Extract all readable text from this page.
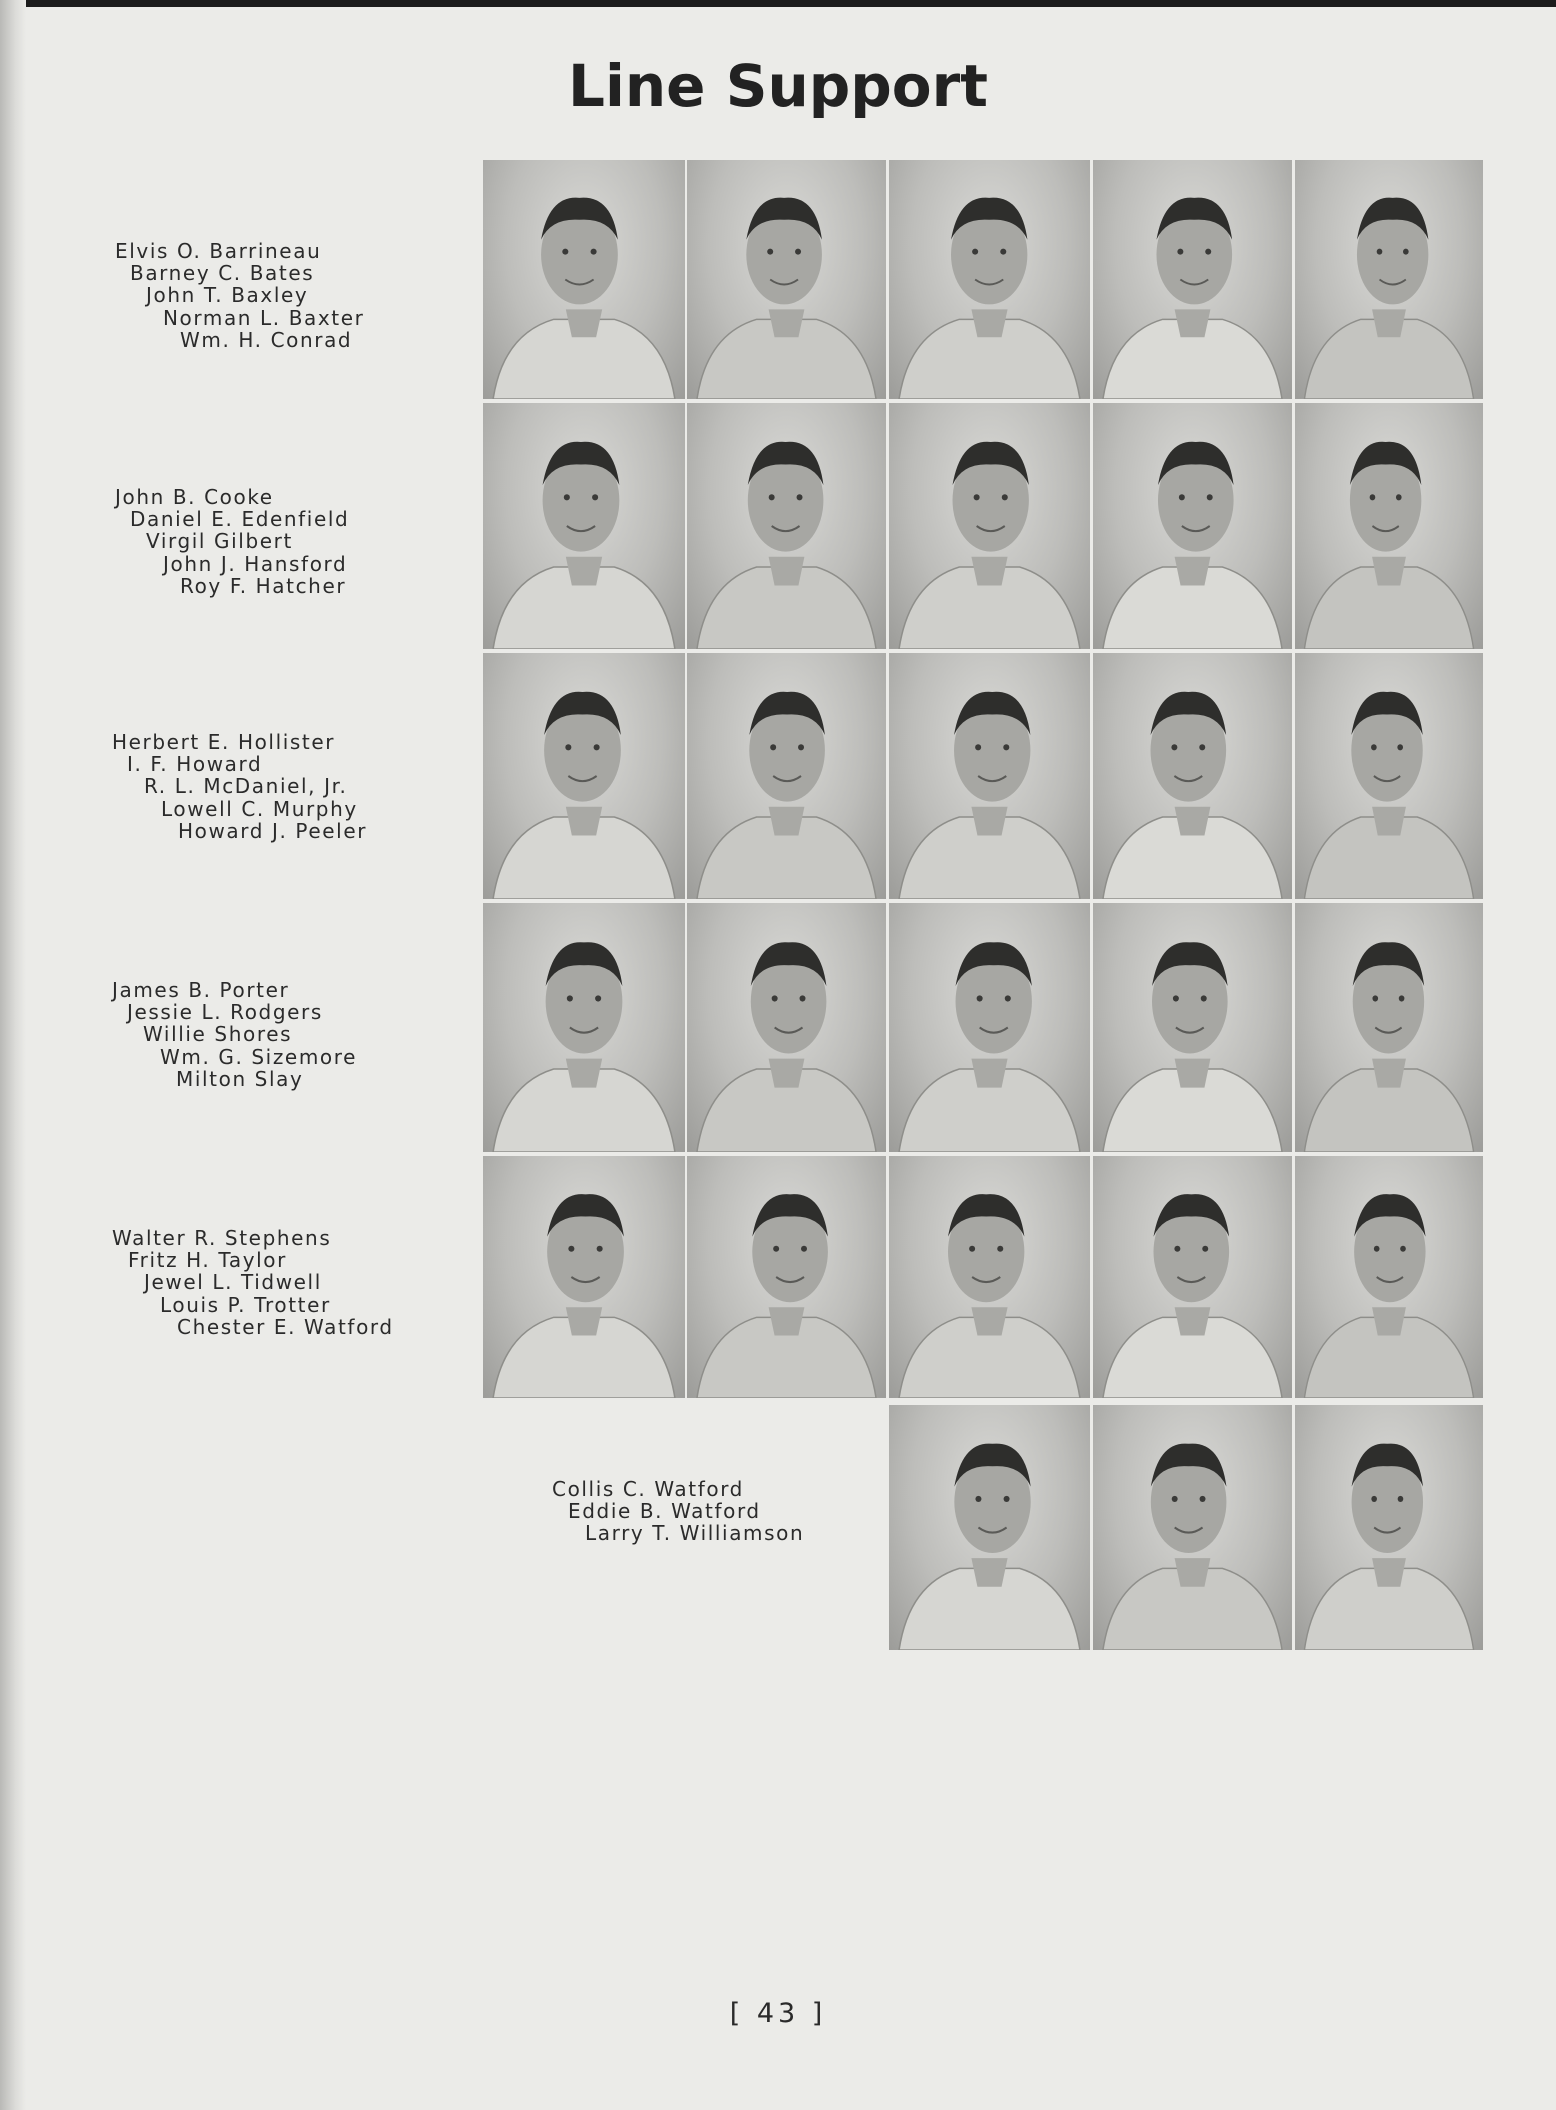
Line Support
Elvis O. Barrineau
Barney C. Bates
John T. Baxley
Norman L. Baxter
Wm. H. Conrad
John B. Cooke
Daniel E. Edenfield
Virgil Gilbert
John J. Hansford
Roy F. Hatcher
Herbert E. Hollister
I. F. Howard
R. L. McDaniel, Jr.
Lowell C. Murphy
Howard J. Peeler
James B. Porter
Jessie L. Rodgers
Willie Shores
Wm. G. Sizemore
Milton Slay
Walter R. Stephens
Fritz H. Taylor
Jewel L. Tidwell
Louis P. Trotter
Chester E. Watford
Collis C. Watford
Eddie B. Watford
Larry T. Williamson
[ 43 ]
